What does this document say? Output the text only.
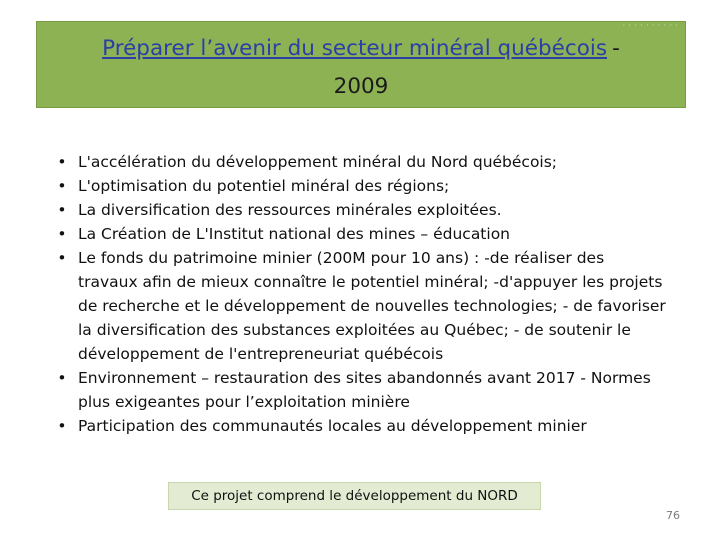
··········
Préparer l’avenir du secteur minéral québécois -
2009
• L'accélération du développement minéral du Nord québécois;
• L'optimisation du potentiel minéral des régions;
• La diversification des ressources minérales exploitées.
• La Création de L'Institut national des mines – éducation
• Le fonds du patrimoine minier (200M pour 10 ans) : -de réaliser des travaux afin de mieux connaître le potentiel minéral; -d'appuyer les projets de recherche et le développement de nouvelles technologies; - de favoriser la diversification des substances exploitées au Québec; - de soutenir le développement de l'entrepreneuriat québécois
• Environnement – restauration des sites abandonnés avant 2017 - Normes plus exigeantes pour l’exploitation minière
• Participation des communautés locales au développement minier
Ce projet comprend le développement du NORD
76
